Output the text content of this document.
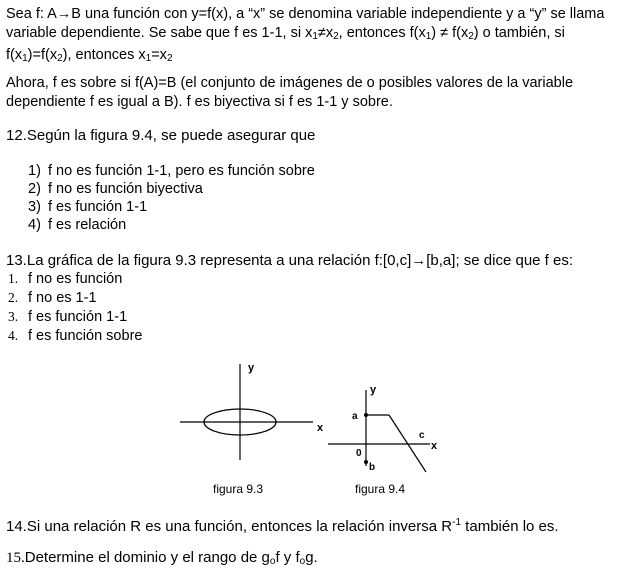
Sea f: A→B una función con y=f(x), a “x” se denomina variable independiente y a “y” se llama variable dependiente. Se sabe que f es 1-1, si $x_1\ne x_2$, entonces $f(x_1) \ne f(x_2)$ o también, si $f(x_1)=f(x_2)$, entonces $x_1=x_2$
Ahora, f es sobre si f(A)=B (el conjunto de imágenes de o posibles valores de la variable dependiente f es igual a B). f es biyectiva si f es 1-1 y sobre.
12.Según la figura 9.4, se puede asegurar que
1) f no es función 1-1, pero es función sobre
2) f no es función biyectiva
3) f es función 1-1
4) f es relación
13.La gráfica de la figura 9.3 representa a una relación f:[0,c]→[b,a]; se dice que f es:
1. f no es función
2. f no es 1-1
3. f es función 1-1
4. f es función sobre
y
x
figura 9.3
y
x
a
b
c
0
figura 9.4
14.Si una relación R es una función, entonces la relación inversa $R^{-1}$ también lo es.
15.Determine el dominio y el rango de $g_of$ y $f_og$.
